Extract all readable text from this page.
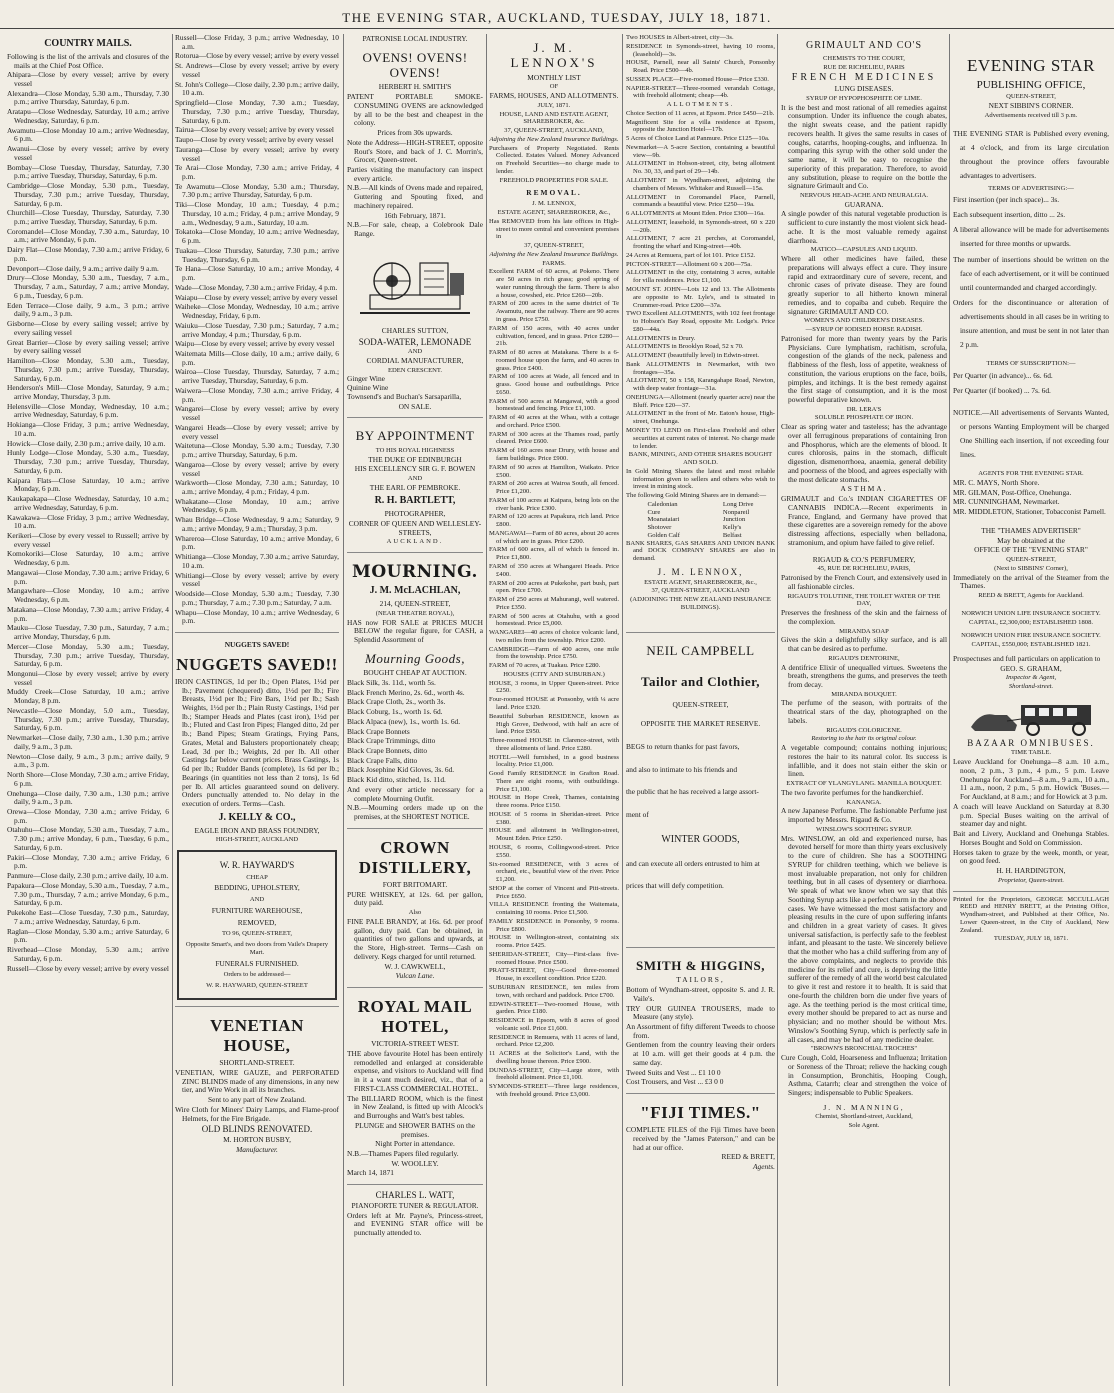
THE EVENING STAR, AUCKLAND, TUESDAY, JULY 18, 1871.
COUNTRY MAILS.

Following is the list of the arrivals and closures of the mails at the Chief Post Office.

Ahipara—Close by every vessel; arrive by every vessel

Alexandra—Close Monday, 5.30 a.m., Thursday, 7.30 p.m.; arrive Thursday, Saturday, 6 p.m.

Aratapu—Close Wednesday, Saturday, 10 a.m.; arrive Wednesday, Saturday, 6 p.m.

Awamutu—Close Monday 10 a.m.; arrive Wednesday, 6 p.m.

Awanui—Close by every vessel; arrive by every vessel

Bombay—Close Tuesday, Thursday, Saturday, 7.30 p.m.; arrive Tuesday, Thursday, Saturday, 6 p.m.

Cambridge—Close Monday, 5.30 p.m., Tuesday, Thursday, 7.30 p.m.; arrive Tuesday, Thursday, Saturday, 6 p.m.

Churchill—Close Tuesday, Thursday, Saturday, 7.30 p.m.; arrive Tuesday, Thursday, Saturday, 6 p.m.

Coromandel—Close Monday, 7.30 a.m., Saturday, 10 a.m.; arrive Monday, 6 p.m.

Dairy Flat—Close Monday, 7.30 a.m.; arrive Friday, 6 p.m.

Devonport—Close daily, 9 a.m.; arrive daily 9 a.m.

Drury—Close Monday, 5.30 a.m., Tuesday, 7 a.m., Thursday, 7 a.m., Saturday, 7 a.m.; arrive Monday, 6 p.m., Tuesday, 6 p.m.

Eden Terrace—Close daily, 9 a.m., 3 p.m.; arrive daily, 9 a.m., 3 p.m.

Gisborne—Close by every sailing vessel; arrive by every sailing vessel

Great Barrier—Close by every sailing vessel; arrive by every sailing vessel

Hamilton—Close Monday, 5.30 a.m., Tuesday, Thursday, 7.30 p.m.; arrive Tuesday, Thursday, Saturday, 6 p.m.

Henderson's Mill—Close Monday, Saturday, 9 a.m.; arrive Monday, Thursday, 3 p.m.

Helensville—Close Monday, Wednesday, 10 a.m.; arrive Wednesday, Saturday, 6 p.m.

Hokianga—Close Friday, 3 p.m.; arrive Wednesday, 10 a.m.

Howick—Close daily, 2.30 p.m.; arrive daily, 10 a.m.

Hunly Lodge—Close Monday, 5.30 a.m., Tuesday, Thursday, 7.30 p.m.; arrive Tuesday, Thursday, Saturday, 6 p.m.

Kaipara Flats—Close Saturday, 10 a.m.; arrive Monday, 6 p.m.

Kaukapakapa—Close Wednesday, Saturday, 10 a.m.; arrive Wednesday, Saturday, 6 p.m.

Kawakawa—Close Friday, 3 p.m.; arrive Wednesday, 10 a.m.

Kerikeri—Close by every vessel to Russell; arrive by every vessel

Komokoriki—Close Saturday, 10 a.m.; arrive Wednesday, 6 p.m.

Mangawai—Close Monday, 7.30 a.m.; arrive Friday, 6 p.m.

Mangawhare—Close Monday, 10 a.m.; arrive Wednesday, 6 p.m.

Matakana—Close Monday, 7.30 a.m.; arrive Friday, 4 p.m.

Mauku—Close Tuesday, 7.30 p.m., Saturday, 7 a.m.; arrive Monday, Thursday, 6 p.m.

Mercer—Close Monday, 5.30 a.m.; Tuesday, Thursday, 7.30 p.m.; arrive Tuesday, Thursday, Saturday, 6 p.m.

Mongonui—Close by every vessel; arrive by every vessel

Muddy Creek—Close Saturday, 10 a.m.; arrive Monday, 8 p.m.

Newcastle—Close Monday, 5.0 a.m., Tuesday, Thursday, 7.30 p.m.; arrive Tuesday, Thursday, Saturday, 6 p.m.

Newmarket—Close daily, 7.30 a.m., 1.30 p.m.; arrive daily, 9 a.m., 3 p.m.

Newton—Close daily, 9 a.m., 3 p.m.; arrive daily, 9 a.m., 3 p.m.

North Shore—Close Monday, 7.30 a.m.; arrive Friday, 6 p.m.

Onehunga—Close daily, 7.30 a.m., 1.30 p.m.; arrive daily, 9 a.m., 3 p.m.

Orewa—Close Monday, 7.30 a.m.; arrive Friday, 6 p.m.

Otahuhu—Close Monday, 5.30 a.m., Tuesday, 7 a.m., 7.30 p.m.; arrive Monday, 6 p.m., Tuesday, 6 p.m., Saturday, 6 p.m.

Pakiri—Close Monday, 7.30 a.m.; arrive Friday, 6 p.m.

Panmure—Close daily, 2.30 p.m.; arrive daily, 10 a.m.

Papakura—Close Monday, 5.30 a.m., Tuesday, 7 a.m., 7.30 p.m., Thursday, 7 a.m.; arrive Monday, 6 p.m., Saturday, 6 p.m.

Pukekohe East—Close Tuesday, 7.30 p.m., Saturday, 7 a.m.; arrive Wednesday, Saturday, 6 p.m.

Raglan—Close Monday, 5.30 a.m.; arrive Saturday, 6 p.m.

Riverhead—Close Monday, 5.30 a.m.; arrive Saturday, 6 p.m.

Russell—Close by every vessel; arrive by every vessel

Russell—Close Friday, 3 p.m.; arrive Wednesday, 10 a.m.

Rotorua—Close by every vessel; arrive by every vessel

St. Andrews—Close by every vessel; arrive by every vessel

St. John's College—Close daily, 2.30 p.m.; arrive daily, 10 a.m.

Springfield—Close Monday, 7.30 a.m.; Tuesday, Thursday, 7.30 p.m.; arrive Tuesday, Thursday, Saturday, 6 p.m.

Tairua—Close by every vessel; arrive by every vessel

Taupo—Close by every vessel; arrive by every vessel

Tauranga—Close by every vessel; arrive by every vessel

Te Arai—Close Monday, 7.30 a.m.; arrive Friday, 4 p.m.

Te Awamutu—Close Monday, 5.30 a.m.; Thursday, 7.30 p.m.; arrive Thursday, Saturday, 6 p.m.

Tiki—Close Monday, 10 a.m.; Tuesday, 4 p.m.; Thursday, 10 a.m.; Friday, 4 p.m.; arrive Monday, 9 a.m., Wednesday, 9 a.m., Saturday, 10 a.m.

Tokatoka—Close Monday, 10 a.m.; arrive Wednesday, 6 p.m.

Tuakau—Close Thursday, Saturday, 7.30 p.m.; arrive Tuesday, Thursday, 6 p.m.

Te Hana—Close Saturday, 10 a.m.; arrive Monday, 4 p.m.

Wade—Close Monday, 7.30 a.m.; arrive Friday, 4 p.m.

Waiapu—Close by every vessel; arrive by every vessel

Waiheke—Close Monday, Wednesday, 10 a.m.; arrive Wednesday, Friday, 6 p.m.

Waiuku—Close Tuesday, 7.30 p.m.; Saturday, 7 a.m.; arrive Monday, 4 p.m.; Thursday, 6 p.m.

Waipu—Close by every vessel; arrive by every vessel

Waitemata Mills—Close daily, 10 a.m.; arrive daily, 6 p.m.

Wairoa—Close Tuesday, Thursday, Saturday, 7 a.m.; arrive Tuesday, Thursday, Saturday, 6 p.m.

Waiwera—Close Monday, 7.30 a.m.; arrive Friday, 4 p.m.

Wangarei—Close by every vessel; arrive by every vessel

Wangarei Heads—Close by every vessel; arrive by every vessel

Waitetuna—Close Monday, 5.30 a.m.; Tuesday, 7.30 p.m.; arrive Thursday, Saturday, 6 p.m.

Wangaroa—Close by every vessel; arrive by every vessel

Warkworth—Close Monday, 7.30 a.m.; Saturday, 10 a.m.; arrive Monday, 4 p.m.; Friday, 4 p.m.

Whakatane—Close Monday, 10 a.m.; arrive Wednesday, 6 p.m.

Whau Bridge—Close Wednesday, 9 a.m.; Saturday, 9 a.m.; arrive Monday, 9 a.m.; Thursday, 3 p.m.

Whareroa—Close Saturday, 10 a.m.; arrive Monday, 6 p.m.

Whitianga—Close Monday, 7.30 a.m.; arrive Saturday, 10 a.m.

Whitiangi—Close by every vessel; arrive by every vessel

Woodside—Close Monday, 5.30 a.m.; Tuesday, 7.30 p.m.; Thursday, 7 a.m.; 7.30 p.m.; Saturday, 7 a.m.

Whapu—Close Monday, 10 a.m.; arrive Wednesday, 6 p.m.

NUGGETS SAVED!
NUGGETS SAVED!!

IRON CASTINGS, 1d per lb.; Open Plates, 1½d per lb.; Pavement (chequered) ditto, 1½d per lb.; Fire Breasts, 1½d per lb.; Fire Bars, 1½d per lb.; Sash Weights, 1½d per lb.; Plain Rusty Castings, 1½d per lb.; Stamper Heads and Plates (cast iron), 1½d per lb.; Fluted and Cast Iron Pipes; Flanged ditto, 2d per lb.; Band Pipes; Steam Gratings, Frying Pans, Grates, Metal and Balusters proportionately cheap; Lead, 3d per lb.; Weights, 2d per lb. All other Castings far below current prices. Brass Castings, 1s 6d per lb.; Rudder Bands (complete), 1s 6d per lb.; Bearings (in quantities not less than 2 tons), 1s 6d per lb. All articles guaranteed sound on delivery. Orders punctually attended to. No delay in the execution of orders. Terms—Cash.

J. KELLY & CO.,
EAGLE IRON AND BRASS FOUNDRY,
HIGH-STREET, AUCKLAND
W. R. HAYWARD'S
CHEAP
BEDDING, UPHOLSTERY,
AND
FURNITURE WAREHOUSE,
REMOVED,
TO 96, QUEEN-STREET,
Opposite Smart's, and two doors from Vaile's Drapery Mart.
FUNERALS FURNISHED.
Orders to be addressed—
W. R. HAYWARD, QUEEN-STREET
VENETIAN HOUSE,
SHORTLAND-STREET.

VENETIAN, WIRE GAUZE, and PERFORATED ZINC BLINDS made of any dimensions, in any new tier, and Wire Work in all its branches.

Sent to any part of New Zealand.

Wire Cloth for Miners' Dairy Lamps, and Flame-proof Helmets, for the Fire Brigade.

OLD BLINDS RENOVATED.
M. HORTON BUSBY,
Manufacturer.
PATRONISE LOCAL INDUSTRY.
OVENS! OVENS! OVENS!
HERBERT H. SMITH'S

PATENT PORTABLE SMOKE-CONSUMING OVENS are acknowledged by all to be the best and cheapest in the colony.

Prices from 30s upwards.

Note the Address—HIGH-STREET, opposite Rout's Store, and back of J. C. Morrin's, Grocer, Queen-street.

Parties visiting the manufactory can inspect every article.

N.B.—All kinds of Ovens made and repaired, Guttering and Spouting fixed, and machinery repaired.

16th February, 1871.

N.B.—For sale, cheap, a Colebrook Dale Range.

CHARLES SUTTON,
SODA-WATER, LEMONADE
AND
CORDIAL MANUFACTURER,
EDEN CRESCENT.

Ginger Wine
Quinine Wine
Townsend's and Buchan's Sarsaparilla,

ON SALE.
BY APPOINTMENT
TO HIS ROYAL HIGHNESS
THE DUKE OF EDINBURGH
HIS EXCELLENCY SIR G. F. BOWEN
AND
THE EARL OF PEMBROKE.
R. H. BARTLETT,
PHOTOGRAPHER,
CORNER OF QUEEN AND WELLESLEY-STREETS,
AUCKLAND.
MOURNING.
J. M. McLACHLAN,
214, QUEEN-STREET,
(NEAR THEATRE ROYAL),

HAS now FOR SALE at PRICES MUCH BELOW the regular figure, for CASH, a Splendid Assortment of

Mourning Goods,
BOUGHT CHEAP AT AUCTION.

Black Silk, 3s. 11d., worth 5s.

Black French Merino, 2s. 6d., worth 4s.

Black Crape Cloth, 2s., worth 3s.

Black Coburg, 1s., worth 1s. 6d.

Black Alpaca (new), 1s., worth 1s. 6d.

Black Crape Bonnets

Black Crape Trimmings, ditto

Black Crape Bonnets, ditto

Black Crape Falls, ditto

Black Josephine Kid Gloves, 3s. 6d.

Black Kid ditto, stitched, 1s. 11d.

And every other article necessary for a complete Mourning Outfit.

N.B.—Mourning orders made up on the premises, at the SHORTEST NOTICE.

CROWN DISTILLERY,
FORT BRITOMART.

PURE WHISKEY, at 12s. 6d. per gallon, duty paid.

Also

FINE PALE BRANDY, at 16s. 6d. per proof gallon, duty paid. Can be obtained, in quantities of two gallons and upwards, at the Store, High-street. Terms—Cash on delivery. Kegs charged for until returned.

W. J. CAWKWELL,
Vulcan Lane.
ROYAL MAIL HOTEL,
VICTORIA-STREET WEST.

THE above favourite Hotel has been entirely remodelled and enlarged at considerable expense, and visitors to Auckland will find in it a want much desired, viz., that of a FIRST-CLASS COMMERCIAL HOTEL.

The BILLIARD ROOM, which is the finest in New Zealand, is fitted up with Alcock's and Burroughs and Watt's best tables.

PLUNGE and SHOWER BATHS on the premises.
Night Porter in attendance.

N.B.—Thames Papers filed regularly.

W. WOOLLEY.

March 14, 1871

CHARLES L. WATT,
PIANOFORTE TUNER & REGULATOR.

Orders left at Mr. Payne's, Princess-street, and EVENING STAR office will be punctually attended to.

J. M. LENNOX'S
MONTHLY LIST
OF
FARMS, HOUSES, AND ALLOTMENTS.
JULY, 1871.
HOUSE, LAND AND ESTATE AGENT, SHAREBROKER, &c.
37, QUEEN-STREET, AUCKLAND,
Adjoining the New Zealand Insurance Buildings.

Purchasers of Property Negotiated. Rents Collected. Estates Valued. Money Advanced on Freehold Securities—no charge made to lender.

FREEHOLD PROPERTIES FOR SALE.
REMOVAL.
J. M. LENNOX,
ESTATE AGENT, SHAREBROKER, &c.,

Has REMOVED from his late offices in High-street to more central and convenient premises in

37, QUEEN-STREET,
Adjoining the New Zealand Insurance Buildings.
FARMS.

Excellent FARM of 60 acres, at Pokeno. There are 50 acres in rich grass; good spring of water running through the farm. There is also a house, cowshed, etc. Price £260—20b.

FARM of 200 acres in the same district of Te Awamutu, near the railway. There are 90 acres in grass. Price £750.

FARM of 150 acres, with 40 acres under cultivation, fenced, and in grass. Price £280—21b.

FARM of 80 acres at Matakana. There is a 6-roomed house upon the farm, and 40 acres in grass. Price £400.

FARM of 100 acres at Wade, all fenced and in grass. Good house and outbuildings. Price £650.

FARM of 500 acres at Mangawai, with a good homestead and fencing. Price £1,100.

FARM of 40 acres at the Whau, with a cottage and orchard. Price £500.

FARM of 300 acres at the Thames road, partly cleared. Price £600.

FARM of 160 acres near Drury, with house and farm buildings. Price £900.

FARM of 90 acres at Hamilton, Waikato. Price £500.

FARM of 260 acres at Wairoa South, all fenced. Price £1,200.

FARM of 100 acres at Kaipara, being lots on the river bank. Price £300.

FARM of 120 acres at Papakura, rich land. Price £800.

MANGAWAI—Farm of 80 acres, about 20 acres of which are in grass. Price £200.

FARM of 600 acres, all of which is fenced in. Price £1,800.

FARM of 350 acres at Whangarei Heads. Price £400.

FARM of 200 acres at Pukekohe, part bush, part open. Price £700.

FARM of 250 acres at Mahurangi, well watered. Price £350.

FARM of 500 acres at Otahuhu, with a good homestead. Price £5,000.

WANGAREI—40 acres of choice volcanic land, two miles from the township. Price £200.

CAMBRIDGE—Farm of 400 acres, one mile from the township. Price £750.

FARM of 70 acres, at Tuakau. Price £280.

HOUSES (CITY AND SUBURBAN.)

HOUSE, 3 rooms, in Upper Queen-street. Price £250.

Four-roomed HOUSE at Ponsonby, with ¼ acre land. Price £320.

Beautiful Suburban RESIDENCE, known as High Grove, Dedwood, with half an acre of land. Price £950.

Three-roomed HOUSE in Clarence-street, with three allotments of land. Price £280.

HOTEL—Well furnished, in a good business locality. Price £1,000.

Good Family RESIDENCE in Grafton Road. There are eight rooms, with outbuildings. Price £1,100.

HOUSE in Hope Creek, Thames, containing three rooms. Price £150.

HOUSE of 5 rooms in Sheridan-street. Price £380.

HOUSE and allotment in Wellington-street, Mount Eden. Price £250.

HOUSE, 6 rooms, Collingwood-street. Price £550.

Six-roomed RESIDENCE, with 3 acres of orchard, etc., beautiful view of the river. Price £1,200.

SHOP at the corner of Vincent and Pitt-streets. Price £650.

VILLA RESIDENCE fronting the Waitemata, containing 10 rooms. Price £1,500.

FAMILY RESIDENCE in Ponsonby, 9 rooms. Price £800.

HOUSE in Wellington-street, containing six rooms. Price £425.

SHERIDAN-STREET, City—First-class five-roomed House. Price £500.

PRATT-STREET, City—Good three-roomed House, in excellent condition. Price £220.

SUBURBAN RESIDENCE, ten miles from town, with orchard and paddock. Price £700.

EDWIN-STREET—Two-roomed House, with garden. Price £180.

RESIDENCE in Epsom, with 8 acres of good volcanic soil. Price £1,600.

RESIDENCE in Remuera, with 11 acres of land, orchard. Price £2,200.

11 ACRES at the Solicitor's Land, with the dwelling house thereon. Price £900.

DUNDAS-STREET, City—Large store, with freehold allotment. Price £1,100.

SYMONDS-STREET—Three large residences, with freehold ground. Price £3,000.

Two HOUSES in Albert-street, city—3s.

RESIDENCE in Symonds-street, having 10 rooms, (leasehold)—3s.

HOUSE, Parnell, near all Saints' Church, Ponsonby Road. Price £500—4b.

SUSSEX PLACE—Five-roomed House—Price £330.

NAPIER-STREET—Three-roomed verandah Cottage, with freehold allotment; cheap—4b.

ALLOTMENTS.

Choice Section of 11 acres, at Epsom. Price £450—21b.

Magnificent Site for a villa residence at Epsom, opposite the Junction Hotel—17b.

5 Acres of Choice Land at Panmure. Price £125—10a.

Newmarket—A 5-acre Section, containing a beautiful view—9b.

ALLOTMENT in Hobson-street, city, being allotment No. 30, 33, and part of 29—14b.

ALLOTMENT in Wyndham-street, adjoining the chambers of Messrs. Whitaker and Russell—15a.

ALLOTMENT in Coromandel Place, Parnell, commands a beautiful view. Price £250—19a.

6 ALLOTMENTS at Mount Eden. Price £300—16a.

ALLOTMENT, leasehold, in Symonds-street, 60 x 220 —20b.

ALLOTMENT, 7 acre 21 perches, at Coromandel, fronting the wharf and King-street—40b.

24 Acres at Remuera, part of lot 101. Price £152.

PICTON-STREET—Allotment 60 x 200—75a.

ALLOTMENT in the city, containing 3 acres, suitable for villa residences. Price £1,100.

MOUNT ST. JOHN—Lots 12 and 13. The Allotments are opposite to Mr. Lyle's, and is situated in Crummer-road. Price £200—37a.

TWO Excellent ALLOTMENTS, with 102 feet frontage to Hobson's Bay Road, opposite Mr. Lodge's. Price £80—44a.

ALLOTMENTS in Drury.

ALLOTMENTS in Brooklyn Road, 52 x 70.

ALLOTMENT (beautifully level) in Edwin-street.

Bank ALLOTMENTS in Newmarket, with two frontages—35a.

ALLOTMENT, 50 x 158, Karangahape Road, Newton, with deep water frontage—31a.

ONEHUNGA—Allotment (nearly quarter acre) near the Bluff. Price £20—37.

ALLOTMENT in the front of Mr. Eaton's house, High-street, Onehunga.

MONEY TO LEND on First-class Freehold and other securities at current rates of interest. No charge made to lender.

BANK, MINING, AND OTHER SHARES BOUGHT AND SOLD.

In Gold Mining Shares the latest and most reliable information given to sellers and others who wish to invest in mining stock.

The following Gold Mining Shares are in demand:—

Caledonian
Cure
Moanataiari
Shotover
Golden Calf
Long Drive
Nonpareil
Junction
Kelly's
Belfast

BANK SHARES, GAS SHARES AND UNION BANK and DOCK COMPANY SHARES are also in demand.

J. M. LENNOX,
ESTATE AGENT, SHAREBROKER, &c.,
37, QUEEN-STREET, AUCKLAND
(ADJOINING THE NEW ZEALAND INSURANCE BUILDINGS).
NEIL CAMPBELL
Tailor and Clothier,
QUEEN-STREET,
OPPOSITE THE MARKET RESERVE.

BEGS to return thanks for past favors,

and also to intimate to his friends and

the public that he has received a large assort-

ment of

WINTER GOODS,

and can execute all orders entrusted to him at

prices that will defy competition.

SMITH & HIGGINS,
TAILORS,

Bottom of Wyndham-street, opposite S. and J. R. Vaile's.

TRY OUR GUINEA TROUSERS, made to Measure (any style).

An Assortment of fifty different Tweeds to choose from.

Gentlemen from the country leaving their orders at 10 a.m. will get their goods at 4 p.m. the same day.

Tweed Suits and Vest ... £1 10 0

Cost Trousers, and Vest ... £3 0 0

"FIJI TIMES."

COMPLETE FILES of the Fiji Times have been received by the "James Paterson," and can be had at our office.

REED & BRETT,
Agents.
GRIMAULT AND CO'S
CHEMISTS TO THE COURT,
RUE DE RICHELIEU, PARIS
FRENCH MEDICINES
LUNG DISEASES.
SYRUP OF HYPOPHOSPHITE OF LIME.

It is the best and most rational of all remedies against consumption. Under its influence the cough abates, the night sweats cease, and the patient rapidly recovers health. It gives the same results in cases of coughs, catarrhs, hooping-coughs, and influenza. In comparing this syrup with the other sold under the same name, it will be easy to recognise the superiority of this preparation. Therefore, to avoid any substitution, please to require on the bottle the signature Grimault and Co.

NERVOUS HEAD-ACHE AND NEURALGIA.
GUARANA.

A single powder of this natural vegetable production is sufficient to cure instantly the most violent sick head-ache. It is the most valuable remedy against diarrhoea.

MATICO—CAPSULES AND LIQUID.

Where all other medicines have failed, these preparations will always effect a cure. They insure rapid and extraordinary cure of severe, recent, and chronic cases of private disease. They are found greatly superior to all hitherto known mineral remedies, and to copaiba and cubeb. Require the signature: GRIMAULT AND CO.

WOMEN'S AND CHILDREN'S DISEASES.
—SYRUP OF IODISED HORSE RADISH.

Patronised for more than twenty years by the Paris Physicians. Cure lymphatism, rachitism, scrofula, congestion of the glands of the neck, paleness and flabbiness of the flesh, loss of appetite, weakness of constitution, the various eruptions on the face, boils, pimples, and itchings. It is the best remedy against the first stage of consumption, and it is the most powerful depurative known.

DR. LERA'S
SOLUBLE PHOSPHATE OF IRON.

Clear as spring water and tasteless; has the advantage over all ferruginous preparations of containing Iron and Phosphorus, which are the elements of blood. It cures chlorosis, pains in the stomach, difficult digestion, dismenorrhoea, anaemia, general debility and poorness of the blood, and agrees especially with the most delicate stomachs.

ASTHMA.

GRIMAULT and Co.'s INDIAN CIGARETTES OF CANNABIS INDICA.—Recent experiments in France, England, and Germany have proved that these cigarettes are a sovereign remedy for the above distressing affections, especially when belladona, stramonium, and opium have failed to give relief.

RIGAUD & CO.'S PERFUMERY,
45, RUE DE RICHELIEU, PARIS,

Patronised by the French Court, and extensively used in all fashionable circles.

RIGAUD'S TOLUTINE, THE TOILET WATER OF THE DAY,

Preserves the freshness of the skin and the fairness of the complexion.

MIRANDA SOAP

Gives the skin a delightfully silky surface, and is all that can be desired as to perfume.

RIGAUD'S DENTORINE,

A dentifrice Elixir of unequalled virtues. Sweetens the breath, strengthens the gums, and preserves the teeth from decay.

MIRANDA BOUQUET.

The perfume of the season, with portraits of the theatrical stars of the day, photographed on the labels.

RIGAUD'S COLORICENE.
Restoring to the hair its original colour.

A vegetable compound; contains nothing injurious; restores the hair to its natural color. Its success is infallible, and it does not stain either the skin or linen.

EXTRACT OF YLANGYLANG. MANILLA BOUQUET.

The two favorite perfumes for the handkerchief.

KANANGA.

A new Japanese Perfume. The fashionable Perfume just imported by Messrs. Rigaud & Co.

WINSLOW'S SOOTHING SYRUP.

Mrs. WINSLOW, an old and experienced nurse, has devoted herself for more than thirty years exclusively to the cure of children. She has a SOOTHING SYRUP for children teething, which we believe is most invaluable preparation, not only for children teething, but in all cases of dysentery or diarrhoea. We speak of what we know when we say that this Soothing Syrup acts like a perfect charm in the above cases. We have witnessed the most satisfactory and pleasing results in the cure of upon suffering infants and children in a great variety of cases. It gives universal satisfaction, is perfectly safe to the feeblest infant, and pleasant to the taste. We sincerely believe that the mother who has a child suffering from any of the above complaints, and neglects to provide this medicine for its relief and cure, is depriving the little sufferer of the remedy of all the world best calculated to give it rest and restore it to health. It is said that one-fourth the children born die under five years of age. As the teething period is the most critical time, every mother should be prepared to act as nurse and physician; and no mother should be without Mrs. Winslow's Soothing Syrup, which is perfectly safe in all cases, and may be had of any medicine dealer.

"BROWN'S BRONCHIAL TROCHES"

Cure Cough, Cold, Hoarseness and Influenza; Irritation or Soreness of the Throat; relieve the hacking cough in Consumption, Bronchitis, Hooping Cough, Asthma, Catarrh; clear and strengthen the voice of Singers; indispensable to Public Speakers.

J. N. MANNING,
Chemist, Shortland-street, Auckland,
Sole Agent.
EVENING STAR
PUBLISHING OFFICE,
QUEEN-STREET,
NEXT SIBBIN'S CORNER.
Advertisements received till 3 p.m.

THE EVENING STAR is Published every evening, at 4 o'clock, and from its large circulation throughout the province offers favourable advantages to advertisers.

TERMS OF ADVERTISING:—

First insertion (per inch space)... 3s.

Each subsequent insertion, ditto ... 2s.

A liberal allowance will be made for advertisements inserted for three months or upwards.

The number of insertions should be written on the face of each advertisement, or it will be continued until countermanded and charged accordingly.

Orders for the discontinuance or alteration of advertisements should in all cases be in writing to insure attention, and must be sent in not later than 2 p.m.

TERMS OF SUBSCRIPTION:—

Per Quarter (in advance)... 6s. 6d.

Per Quarter (if booked) ... 7s. 6d.

NOTICE.—All advertisements of Servants Wanted, or persons Wanting Employment will be charged One Shilling each insertion, if not exceeding four lines.

AGENTS FOR THE EVENING STAR.

MR. C. MAYS, North Shore.

MR. GILMAN, Post-Office, Onehunga.

MR. CUNNINGHAM, Newmarket.

MR. MIDDLETON, Stationer, Tobacconist Parnell.

THE "THAMES ADVERTISER"
May be obtained at the
OFFICE OF THE "EVENING STAR"
QUEEN-STREET,
(Next to SIBBINS' Corner),

Immediately on the arrival of the Steamer from the Thames.

REED & BRETT, Agents for Auckland.
NORWICH UNION LIFE INSURANCE SOCIETY.
CAPITAL, £2,300,000; ESTABLISHED 1808.
NORWICH UNION FIRE INSURANCE SOCIETY.
CAPITAL, £550,000; ESTABLISHED 1821.

Prospectuses and full particulars on application to

GEO. S. GRAHAM,
Inspector & Agent,
Shortland-street.
BAZAAR OMNIBUSES.
TIME TABLE.

Leave Auckland for Onehunga—8 a.m. 10 a.m., noon, 2 p.m., 3 p.m., 4 p.m., 5 p.m. Leave Onehunga for Auckland—8 a.m., 9 a.m., 10 a.m., 11 a.m., noon, 2 p.m., 5 p.m. Howick 'Buses.—For Auckland, at 8 a.m.; and for Howick at 3 p.m.

A coach will leave Auckland on Saturday at 8.30 p.m. Special Buses waiting on the arrival of steamer day and night.

Bait and Livery, Auckland and Onehunga Stables. Horses Bought and Sold on Commission.

Horses taken to graze by the week, month, or year, on good feed.

H. H. HARDINGTON,
Proprietor, Queen-street.

Printed for the Proprietors, GEORGE MCCULLAGH REED and HENRY BRETT, at the Printing Office, Wyndham-street, and Published at their Office, No. Lower Queen-street, in the City of Auckland, New Zealand.

TUESDAY, JULY 18, 1871.
